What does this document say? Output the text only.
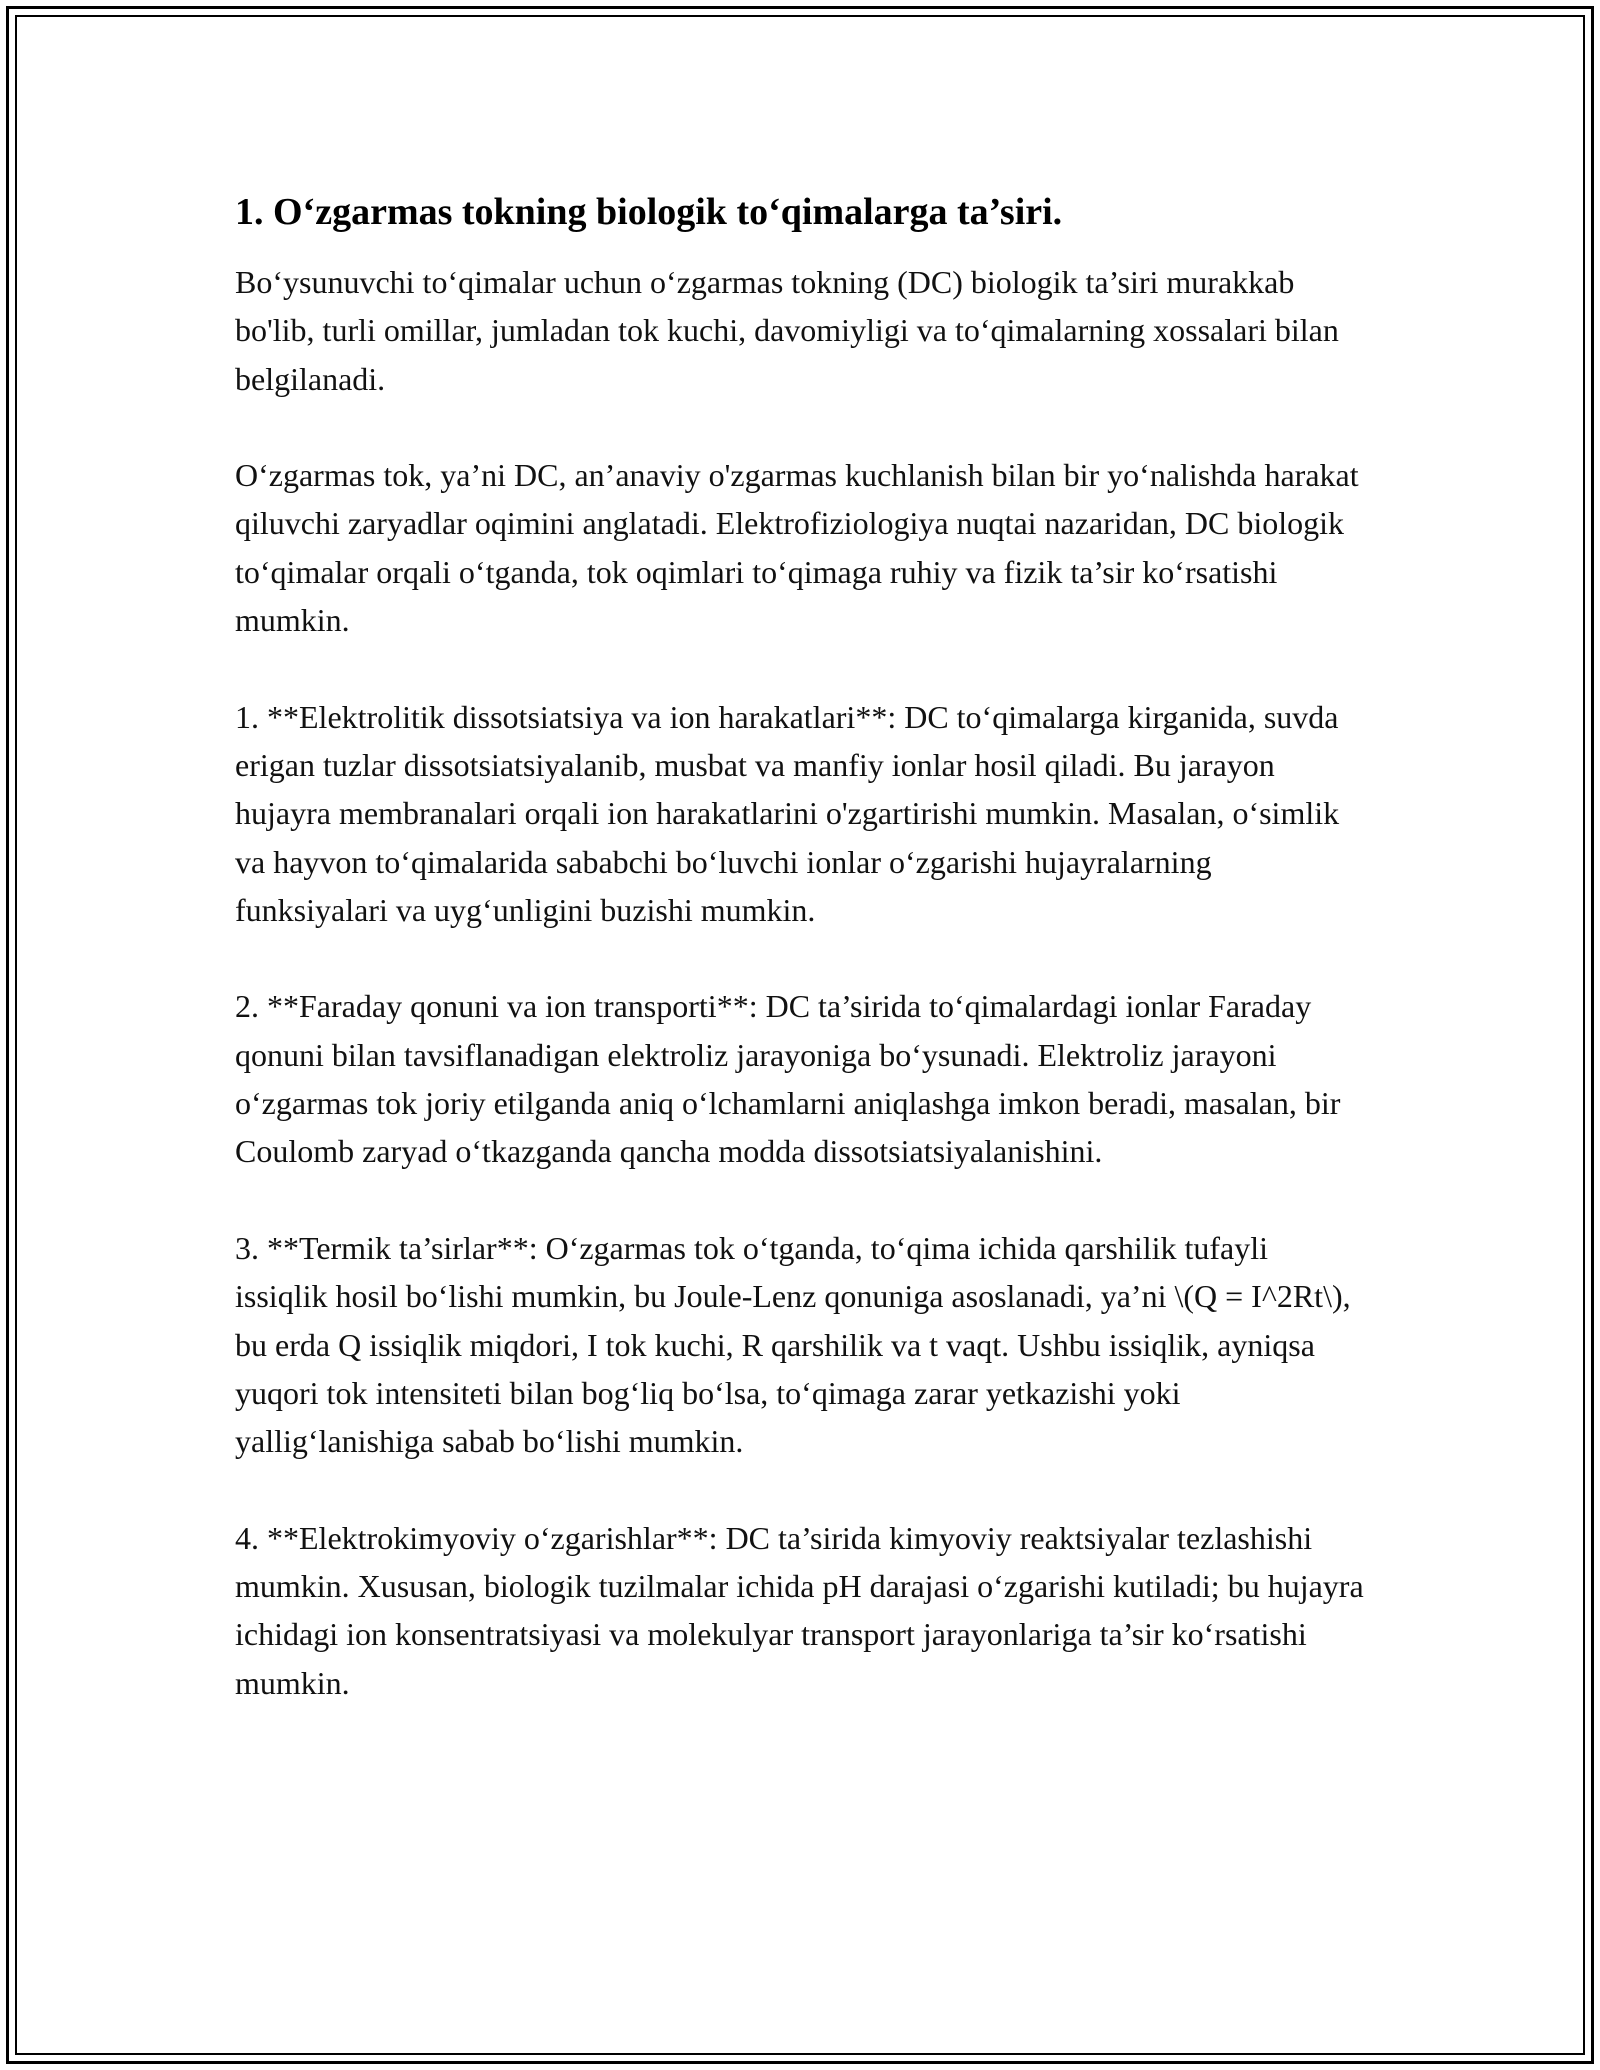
1. O‘zgarmas tokning biologik to‘qimalarga ta’siri.

Bo‘ysunuvchi to‘qimalar uchun o‘zgarmas tokning (DC) biologik ta’siri murakkab bo'lib, turli omillar, jumladan tok kuchi, davomiyligi va to‘qimalarning xossalari bilan belgilanadi.

O‘zgarmas tok, ya’ni DC, an’anaviy o'zgarmas kuchlanish bilan bir yo‘nalishda harakat qiluvchi zaryadlar oqimini anglatadi. Elektrofiziologiya nuqtai nazaridan, DC biologik to‘qimalar orqali o‘tganda, tok oqimlari to‘qimaga ruhiy va fizik ta’sir ko‘rsatishi mumkin.

1. **Elektrolitik dissotsiatsiya va ion harakatlari**: DC to‘qimalarga kirganida, suvda erigan tuzlar dissotsiatsiyalanib, musbat va manfiy ionlar hosil qiladi. Bu jarayon hujayra membranalari orqali ion harakatlarini o'zgartirishi mumkin. Masalan, o‘simlik va hayvon to‘qimalarida sababchi bo‘luvchi ionlar o‘zgarishi hujayralarning funksiyalari va uyg‘unligini buzishi mumkin.

2. **Faraday qonuni va ion transporti**: DC ta’sirida to‘qimalardagi ionlar Faraday qonuni bilan tavsiflanadigan elektroliz jarayoniga bo‘ysunadi. Elektroliz jarayoni o‘zgarmas tok joriy etilganda aniq o‘lchamlarni aniqlashga imkon beradi, masalan, bir Coulomb zaryad o‘tkazganda qancha modda dissotsiatsiyalanishini.

3. **Termik ta’sirlar**: O‘zgarmas tok o‘tganda, to‘qima ichida qarshilik tufayli issiqlik hosil bo‘lishi mumkin, bu Joule-Lenz qonuniga asoslanadi, ya’ni \(Q = I^2Rt\), bu erda Q issiqlik miqdori, I tok kuchi, R qarshilik va t vaqt. Ushbu issiqlik, ayniqsa yuqori tok intensiteti bilan bog‘liq bo‘lsa, to‘qimaga zarar yetkazishi yoki yallig‘lanishiga sabab bo‘lishi mumkin.

4. **Elektrokimyoviy o‘zgarishlar**: DC ta’sirida kimyoviy reaktsiyalar tezlashishi mumkin. Xususan, biologik tuzilmalar ichida pH darajasi o‘zgarishi kutiladi; bu hujayra ichidagi ion konsentratsiyasi va molekulyar transport jarayonlariga ta’sir ko‘rsatishi mumkin.
